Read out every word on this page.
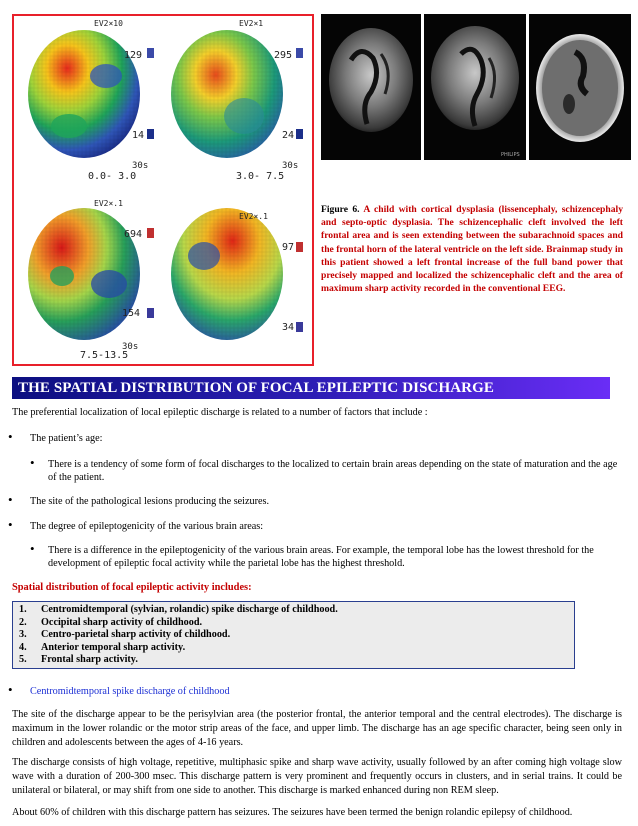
EV2×10
129
14
30s
0.0- 3.0
EV2×1
295
24
30s
3.0- 7.5
EV2×.1
694
154
30s
7.5-13.5
EV2×.1
97
34
PHILIPS
Figure 6. A child with cortical dysplasia (lissencephaly, schizencephaly and septo-optic dysplasia. The schizencephalic cleft involved the left frontal area and is seen extending between the subarachnoid spaces and the frontal horn of the lateral ventricle on the left side. Brainmap study in this patient showed a left frontal increase of the full band power that precisely mapped and localized the schizencephalic cleft and the area of maximum sharp activity recorded in the conventional EEG.
THE SPATIAL DISTRIBUTION OF FOCAL EPILEPTIC DISCHARGE
The preferential localization of local epileptic discharge is related to a number of factors that include :
• The patient’s age:
• There is a tendency of some form of focal discharges to the localized to certain brain areas depending on the state of maturation and the age of the patient.
• The site of the pathological lesions producing the seizures.
• The degree of epileptogenicity of the various brain areas:
• There is a difference in the epileptogenicity of the various brain areas. For example, the temporal lobe has the lowest threshold for the development of epileptic focal activity while the parietal lobe has the highest threshold.
Spatial distribution of focal epileptic activity includes:
1. Centromidtemporal (sylvian, rolandic) spike discharge of childhood.
2. Occipital sharp activity of childhood.
3. Centro-parietal sharp activity of childhood.
4. Anterior temporal sharp activity.
5. Frontal sharp activity.
• Centromidtemporal spike discharge of childhood
The site of the discharge appear to be the perisylvian area (the posterior frontal, the anterior temporal and the central electrodes). The discharge is maximum in the lower rolandic or the motor strip areas of the face, and upper limb. The discharge has an age specific character, being seen only in children and adolescents between the ages of 4-16 years.
The discharge consists of high voltage, repetitive, multiphasic spike and sharp wave activity, usually followed by an after coming high voltage slow wave with a duration of 200-300 msec. This discharge pattern is very prominent and frequently occurs in clusters, and in serial trains. It could be unilateral or bilateral, or may shift from one side to another. This discharge is marked enhanced during non REM sleep.
About 60% of children with this discharge pattern has seizures. The seizures have been termed the benign rolandic epilepsy of childhood.
